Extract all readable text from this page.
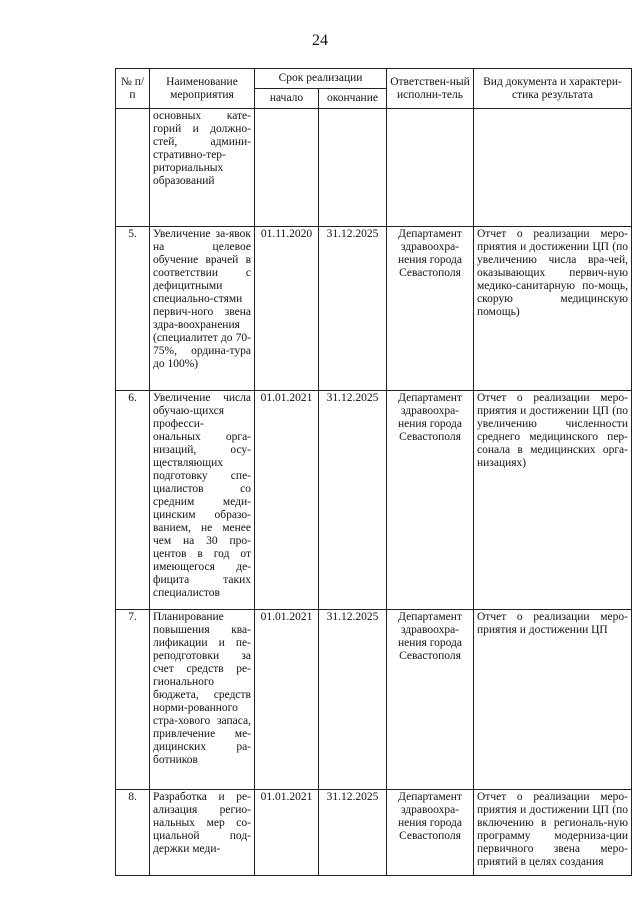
24
№ п/п	Наименование мероприятия	Срок реализации		Ответствен-ный исполни-тель	Вид документа и характери-стика результата
		начало	окончание		
	основных кате-горий и должно-стей, админи-стративно-тер-риториальных образований				
5.	Увеличение за-явок на целевое обучение врачей в соответствии с дефицитными специально-стями первич-ного звена здра-воохранения (специалитет до 70-75%, ордина-тура до 100%)	01.11.2020	31.12.2025	Департамент здравоохра-нения города Севастополя	Отчет о реализации меро-приятия и достижении ЦП (по увеличению числа вра-чей, оказывающих первич-ную медико-санитарную по-мощь, скорую медицинскую помощь)
6.	Увеличение числа обучаю-щихся професси-ональных орга-низаций, осу-ществляющих подготовку спе-циалистов со средним меди-цинским образо-ванием, не менее чем на 30 про-центов в год от имеющегося де-фицита таких специалистов	01.01.2021	31.12.2025	Департамент здравоохра-нения города Севастополя	Отчет о реализации меро-приятия и достижении ЦП (по увеличению численности среднего медицинского пер-сонала в медицинских орга-низациях)
7.	Планирование повышения ква-лификации и пе-реподготовки за счет средств ре-гионального бюджета, средств норми-рованного стра-хового запаса, привлечение ме-дицинских ра-ботников	01.01.2021	31.12.2025	Департамент здравоохра-нения города Севастополя	Отчет о реализации меро-приятия и достижении ЦП
8.	Разработка и ре-ализация регио-нальных мер со-циальной под-держки меди-	01.01.2021	31.12.2025	Департамент здравоохра-нения города Севастополя	Отчет о реализации меро-приятия и достижении ЦП (по включению в региональ-ную программу модерниза-ции первичного звена меро-приятий в целях создания
